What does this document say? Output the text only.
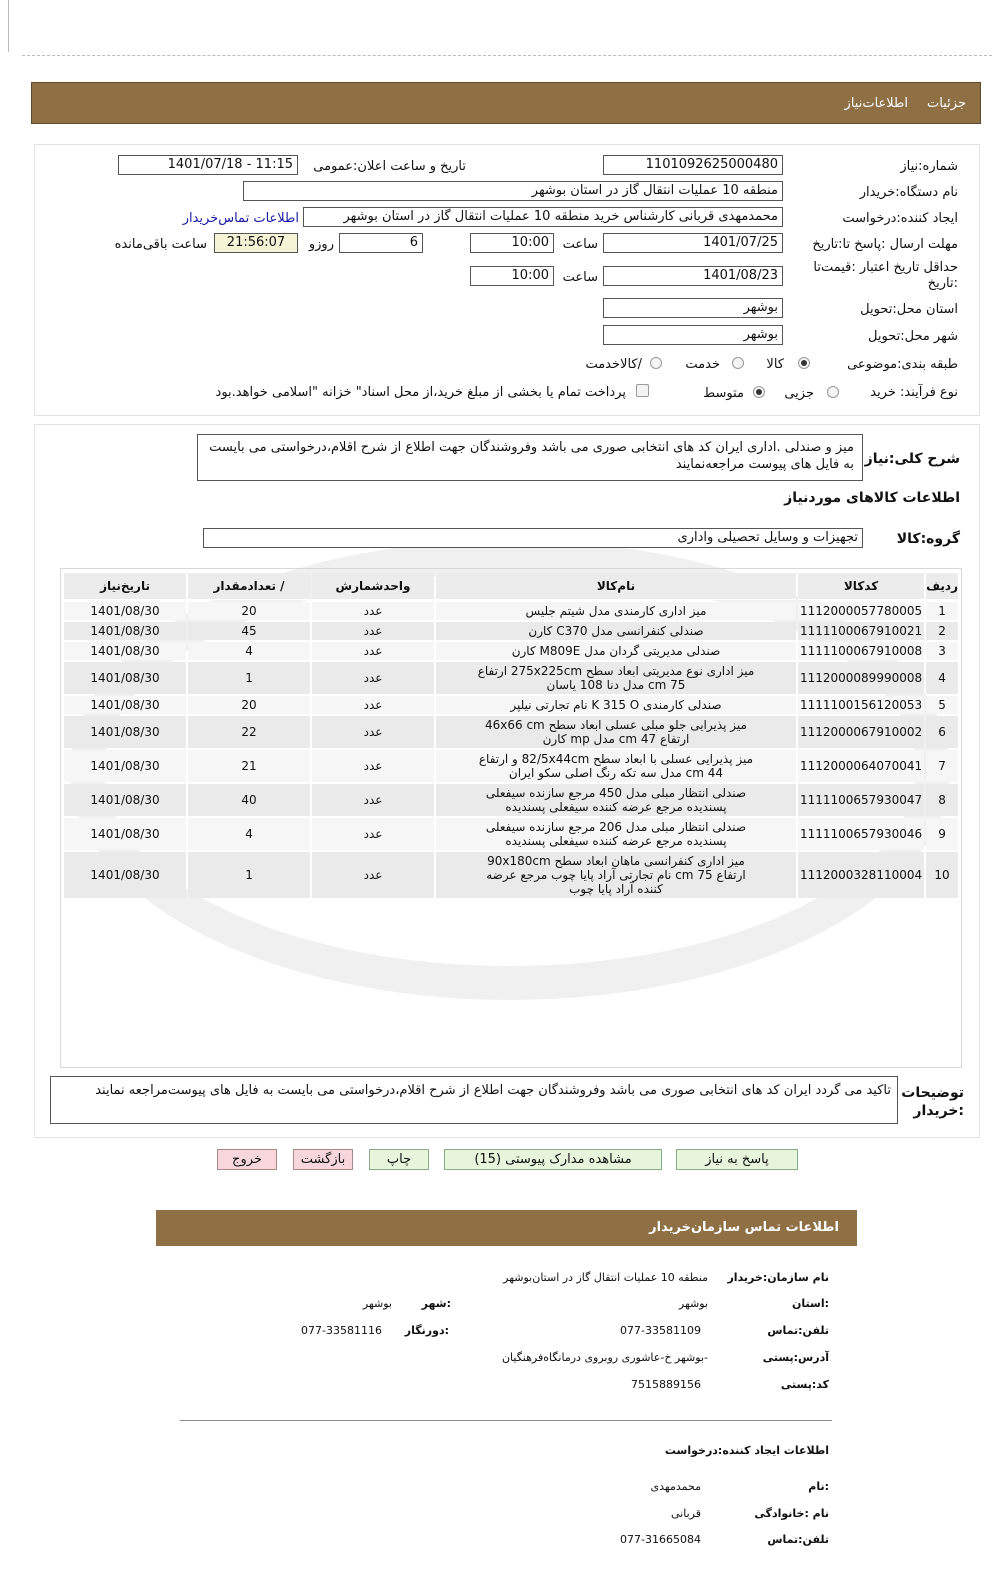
جزئیات
اطلاعات‌نیاز
شماره:نیاز
1101092625000480
تاریخ و ساعت اعلان:عمومی
1401/07/18 - 11:15
نام دستگاه:خریدار
منطقه 10 عملیات انتقال گاز در استان بوشهر
ایجاد کننده:درخواست
محمدمهدی قربانی کارشناس خرید منطقه 10 عملیات انتقال گاز در استان بوشهر
اطلاعات تماس‌خریدار
مهلت ارسال :پاسخ تا:تاریخ
1401/07/25
ساعت
10:00
6
روزو
21:56:07
ساعت باقی‌مانده
حداقل تاریخ اعتبار :قیمت‌تا :تاریخ
1401/08/23
ساعت
10:00
استان محل:تحویل
بوشهر
شهر محل:تحویل
بوشهر
طبقه بندی:موضوعی
کالا
خدمت
/کالاخدمت
نوع فرآیند: خرید
جزیی
متوسط
پرداخت تمام یا بخشی از مبلغ خرید،از محل اسناد" خزانه "اسلامی خواهد.بود
شرح کلی:نیاز
میز و صندلی .اداری ایران کد های انتخابی صوری می باشد وفروشندگان جهت اطلاع از شرح اقلام،درخواستی می بایست به فایل های پیوست مراجعه‌نمایند
اطلاعات کالاهای موردنیاز
گروه:کالا
تجهیزات و وسایل تحصیلی واداری
ردیف	کدکالا	نام‌کالا	واحدشمارش	/ تعدادمقدار	تاریخ‌نیاز
1	1112000057780005	میز اداری کارمندی مدل شیتم جلیس	عدد	20	1401/08/30
2	1111100067910021	صندلی کنفرانسی مدل C370 کارن	عدد	45	1401/08/30
3	1111100067910008	صندلی مدیریتی گردان مدل M809E کارن	عدد	4	1401/08/30
4	1112000089990008	میز اداری نوع مدیریتی ابعاد سطح 275x225cm ارتفاع 75 cm مدل دنا 108 یاسان	عدد	1	1401/08/30
5	1111100156120053	صندلی کارمندی K 315 O نام تجارتی نیلپر	عدد	20	1401/08/30
6	1112000067910002	میز پذیرایی جلو مبلی عسلی ابعاد سطح 46x66 cm ارتفاع 47 cm مدل mp کارن	عدد	22	1401/08/30
7	1112000064070041	میز پذیرایی عسلی با ابعاد سطح 82/5x44cm و ارتفاع 44 cm مدل سه تکه رنگ اصلی سکو ایران	عدد	21	1401/08/30
8	1111100657930047	صندلی انتظار مبلی مدل 450 مرجع سازنده سیفعلی پسندیده مرجع عرضه کننده سیفعلی پسندیده	عدد	40	1401/08/30
9	1111100657930046	صندلی انتظار مبلی مدل 206 مرجع سازنده سیفعلی پسندیده مرجع عرضه کننده سیفعلی پسندیده	عدد	4	1401/08/30
10	1112000328110004	میز اداری کنفرانسی ماهان ابعاد سطح 90x180cm ارتفاع 75 cm نام تجارتی آراد پایا چوب مرجع عرضه کننده آراد پایا چوب	عدد	1	1401/08/30
توضیحات :خریدار
تاکید می گردد ایران کد های انتخابی صوری می باشد وفروشندگان جهت اطلاع از شرح اقلام،درخواستی می بایست به فایل های پیوست‌مراجعه نمایند
پاسخ به نیاز
مشاهده مدارک پیوستی (15)
چاپ
بازگشت
خروج
اطلاعات تماس سازمان‌خریدار
نام سازمان:خریدار
منطقه 10 عملیات انتقال گاز در استان‌بوشهر
:استان
بوشهر
:شهر
بوشهر
تلفن:تماس
077-33581109
:دورنگار
077-33581116
آدرس:پستی
-بوشهر خ-عاشوری روبروی درمانگاه‌فرهنگیان
کد:پستی
7515889156
اطلاعات ایجاد کننده:درخواست
:نام
محمدمهدی
نام :خانوادگی
قربانی
تلفن:تماس
077-31665084
